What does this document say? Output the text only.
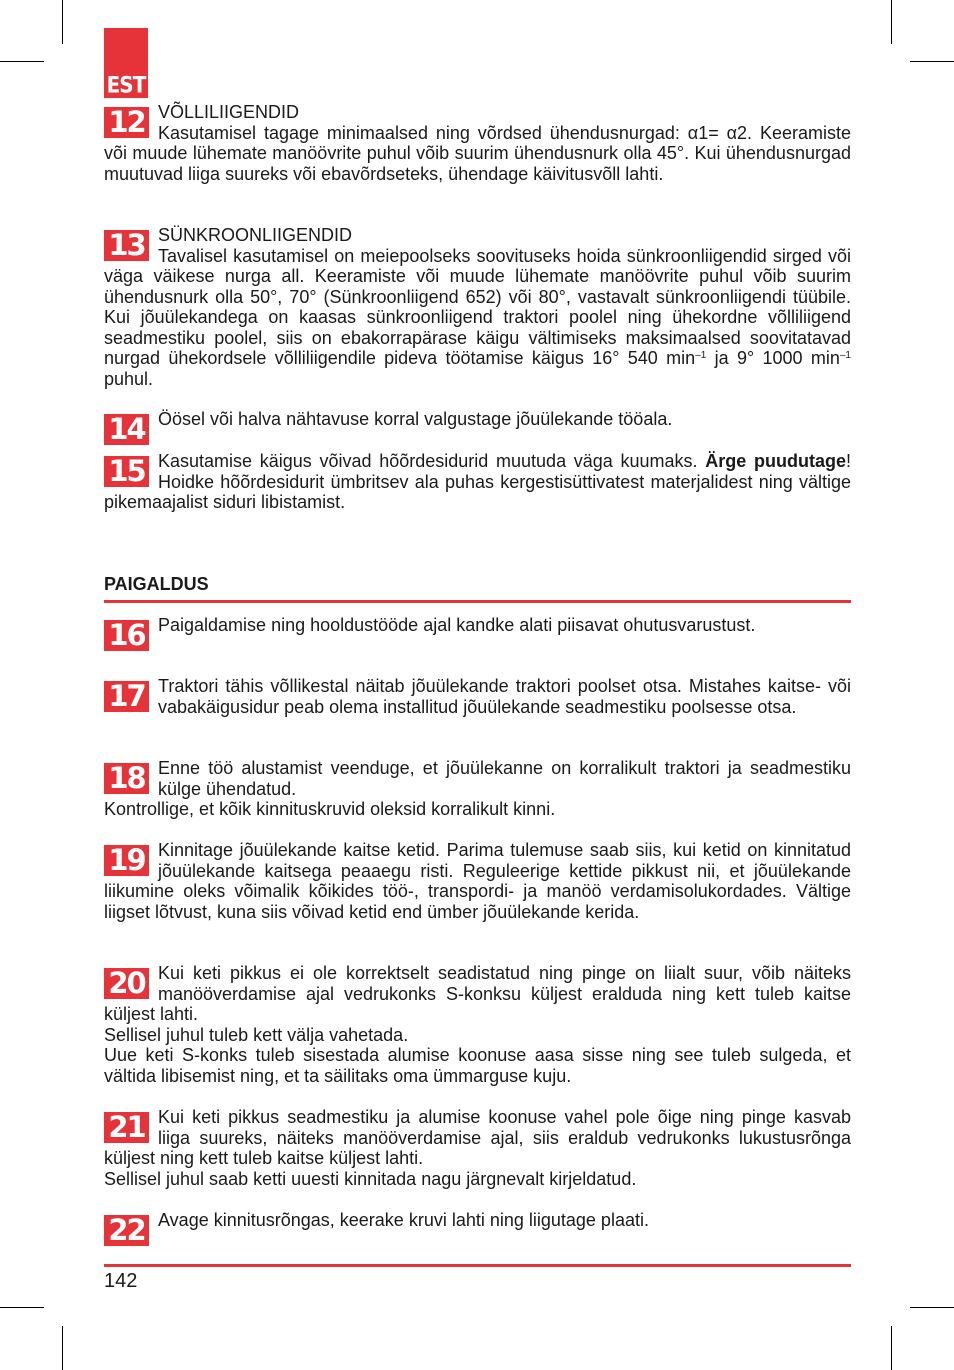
EST
12 VÕLLILIIGENDID
Kasutamisel tagage minimaalsed ning võrdsed ühendusnurgad: α1= α2. Keeramiste või muude lühemate manöövrite puhul võib suurim ühendusnurk olla 45°. Kui ühendusnurgad muutuvad liiga suureks või ebavõrdseteks, ühendage käivitusvõll lahti.

13 SÜNKROONLIIGENDID
Tavalisel kasutamisel on meiepoolseks soovituseks hoida sünkroonliigendid sirged või väga väikese nurga all. Keeramiste või muude lühemate manöövrite puhul võib suurim ühendusnurk olla 50°, 70° (Sünkroonliigend 652) või 80°, vastavalt sünkroonliigendi tüübile. Kui jõuülekandega on kaasas sünkroonliigend traktori poolel ning ühekordne võlliliigend seadmestiku poolel, siis on ebakorrapärase käigu vältimiseks maksimaalsed soovitatavad nurgad ühekordsele võlliliigendile pideva töötamise käigus 16° 540 $\min^{-1}$ ja 9° 1000 $\min^{-1}$ puhul.

14 Öösel või halva nähtavuse korral valgustage jõuülekande tööala.

15 Kasutamise käigus võivad hõõrdesidurid muutuda väga kuumaks. Ärge puudutage! Hoidke hõõrdesidurit ümbritsev ala puhas kergestisüttivatest materjalidest ning vältige pikemaajalist siduri libistamist.

PAIGALDUS
16 Paigaldamise ning hooldustööde ajal kandke alati piisavat ohutusvarustust.

17 Traktori tähis võllikestal näitab jõuülekande traktori poolset otsa. Mistahes kaitse- või vabakäigusidur peab olema installitud jõuülekande seadmestiku poolsesse otsa.

18 Enne töö alustamist veenduge, et jõuülekanne on korralikult traktori ja seadmestiku külge ühendatud.
Kontrollige, et kõik kinnituskruvid oleksid korralikult kinni.

19 Kinnitage jõuülekande kaitse ketid. Parima tulemuse saab siis, kui ketid on kinnitatud jõuülekande kaitsega peaaegu risti. Reguleerige kettide pikkust nii, et jõuülekande liikumine oleks võimalik kõikides töö-, transpordi- ja manöö verdamisolukordades. Vältige liigset lõtvust, kuna siis võivad ketid end ümber jõuülekande kerida.

20 Kui keti pikkus ei ole korrektselt seadistatud ning pinge on liialt suur, võib näiteks manööverdamise ajal vedrukonks S-konksu küljest eralduda ning kett tuleb kaitse küljest lahti.
Sellisel juhul tuleb kett välja vahetada.
Uue keti S-konks tuleb sisestada alumise koonuse aasa sisse ning see tuleb sulgeda, et vältida libisemist ning, et ta säilitaks oma ümmarguse kuju.

21 Kui keti pikkus seadmestiku ja alumise koonuse vahel pole õige ning pinge kasvab liiga suureks, näiteks manööverdamise ajal, siis eraldub vedrukonks lukustusrõnga küljest ning kett tuleb kaitse küljest lahti.
Sellisel juhul saab ketti uuesti kinnitada nagu järgnevalt kirjeldatud.

22 Avage kinnitusrõngas, keerake kruvi lahti ning liigutage plaati.

142
